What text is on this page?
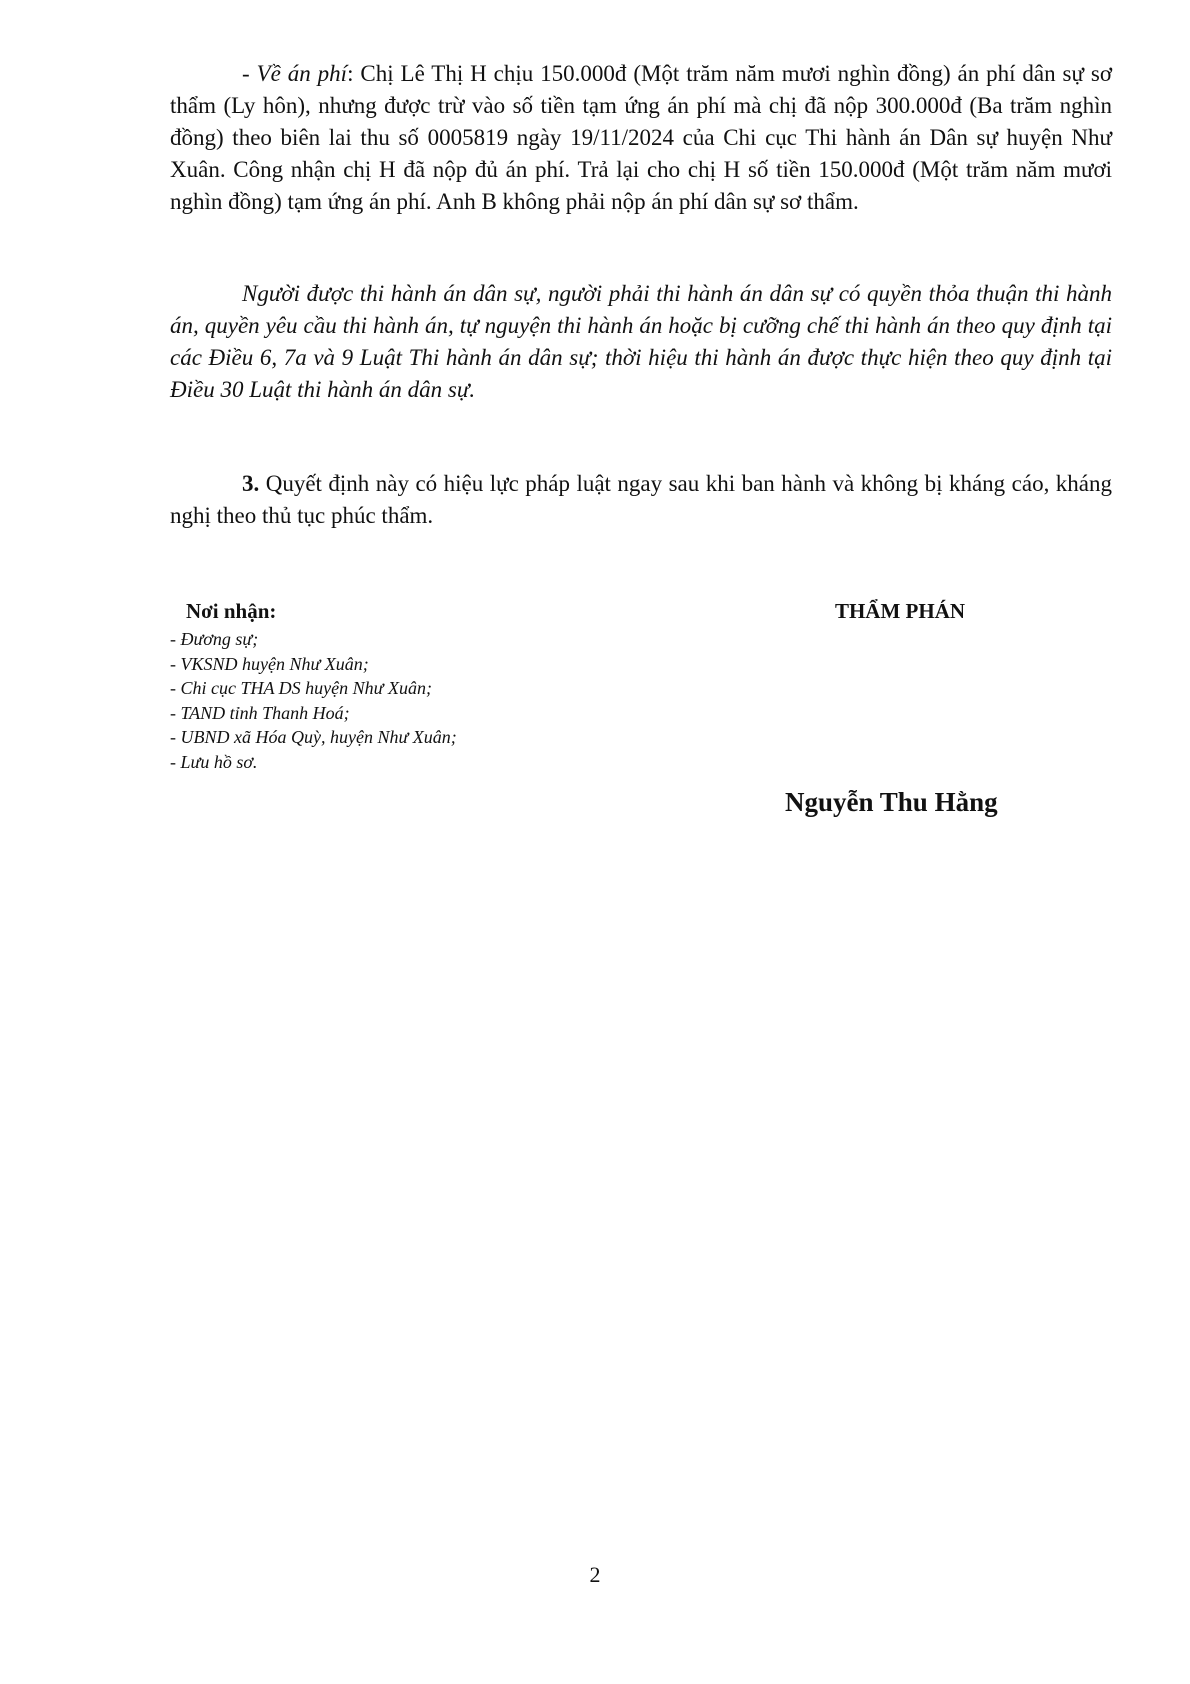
- Về án phí: Chị Lê Thị H chịu 150.000đ (Một trăm năm mươi nghìn đồng) án phí dân sự sơ thẩm (Ly hôn), nhưng được trừ vào số tiền tạm ứng án phí mà chị đã nộp 300.000đ (Ba trăm nghìn đồng) theo biên lai thu số 0005819 ngày 19/11/2024 của Chi cục Thi hành án Dân sự huyện Như Xuân. Công nhận chị H đã nộp đủ án phí. Trả lại cho chị H số tiền 150.000đ (Một trăm năm mươi nghìn đồng) tạm ứng án phí. Anh B không phải nộp án phí dân sự sơ thẩm.

Người được thi hành án dân sự, người phải thi hành án dân sự có quyền thỏa thuận thi hành án, quyền yêu cầu thi hành án, tự nguyện thi hành án hoặc bị cưỡng chế thi hành án theo quy định tại các Điều 6, 7a và 9 Luật Thi hành án dân sự; thời hiệu thi hành án được thực hiện theo quy định tại Điều 30 Luật thi hành án dân sự.

3. Quyết định này có hiệu lực pháp luật ngay sau khi ban hành và không bị kháng cáo, kháng nghị theo thủ tục phúc thẩm.

Nơi nhận:
- Đương sự;
- VKSND huyện Như Xuân;
- Chi cục THA DS huyện Như Xuân;
- TAND tỉnh Thanh Hoá;
- UBND xã Hóa Quỳ, huyện Như Xuân;
- Lưu hồ sơ.
THẨM PHÁN
Nguyễn Thu Hằng
2
